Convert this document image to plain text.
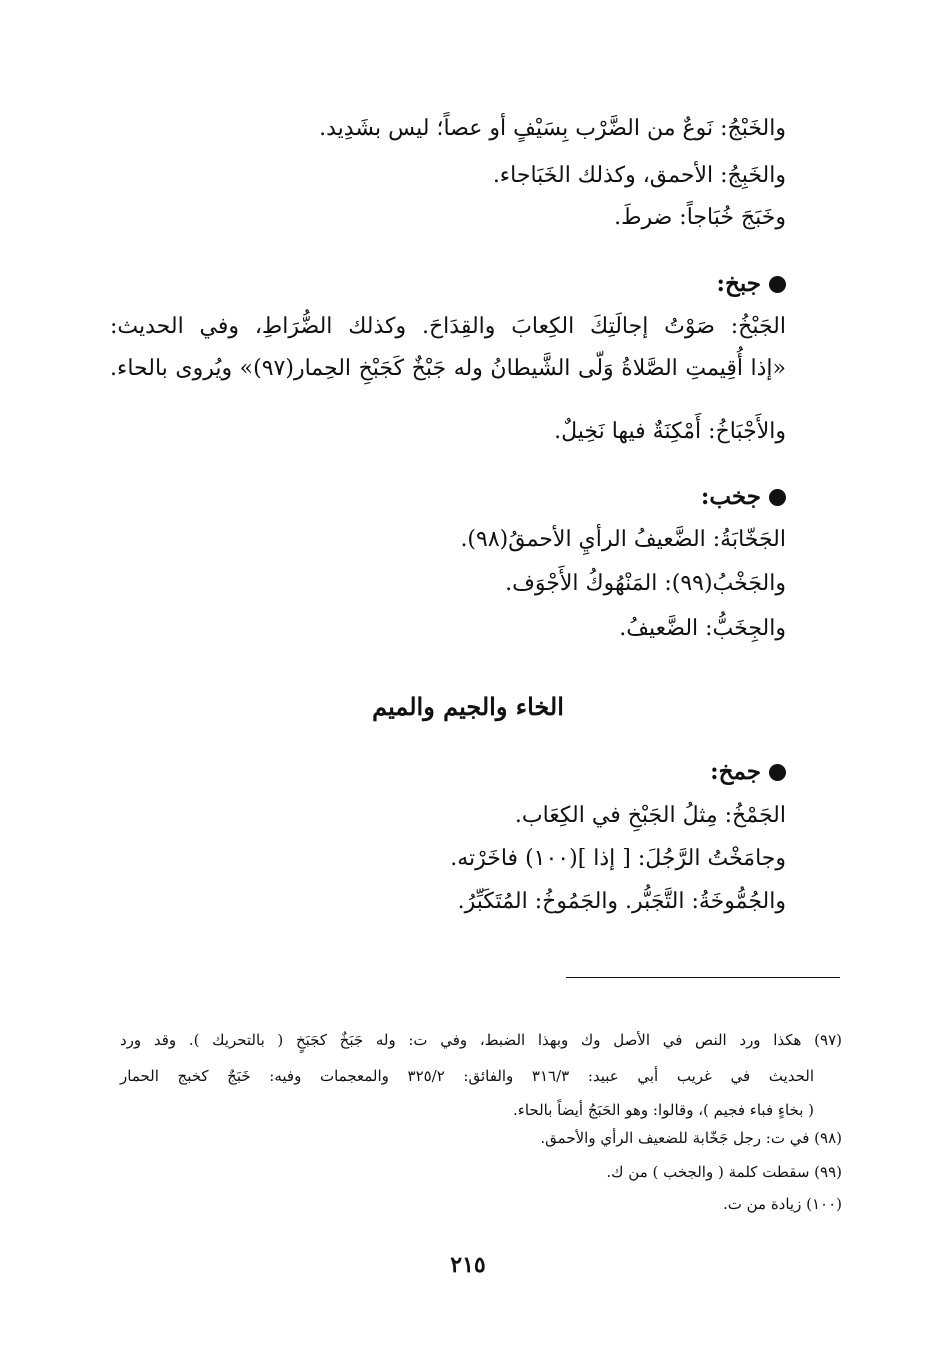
والخَبْجُ: نَوعٌ من الضَّرْب بِسَيْفٍ أو عصاً؛ ليس بشَدِيد.

والخَبِجُ: الأحمق، وكذلك الخَبَاجاء.

وخَبَجَ خُبَاجاً: ضرطَ.

جبخ:

الجَبْخُ: صَوْتُ إجالَتِكَ الكِعابَ والقِدَاحَ. وكذلك الضُّرَاطِ، وفي الحديث:

«إذا أُقِيمتِ الصَّلاةُ وَلّى الشَّيطانُ وله جَبْخٌ كَجَبْخِ الحِمار(٩٧)» ويُروى بالحاء.

والأَجْبَاخُ: أَمْكِنَةٌ فيها نَخِيلٌ.

جخب:

الجَخّابَةُ: الضَّعيفُ الرأيِ الأحمقُ(٩٨).

والجَخْبُ(٩٩): المَنْهُوكُ الأَجْوَف.

والجِخَبُّ: الضَّعيفُ.

الخاء والجيم والميم

جمخ:

الجَمْخُ: مِثلُ الجَبْخِ في الكِعَاب.

وجامَخْتُ الرَّجُلَ: [ إذا ](١٠٠) فاخَرْته.

والجُمُّوخَةُ: التَّجَبُّر. والجَمُوخُ: المُتَكَبِّرُ.

(٩٧) هكذا ورد النص في الأصل وك وبهذا الضبط، وفي ت: وله جَبَخٌ كجَبَخٍ ( بالتحريك ). وقد ورد

الحديث في غريب أبي عبيد: ٣١٦/٣ والفائق: ٣٢٥/٢ والمعجمات وفيه: خَبَجٌ كخبج الحمار

( بخاءٍ فباء فجيم )، وقالوا: وهو الحَبَجُ أيضاً بالحاء.

(٩٨) في ت: رجل جَخّابة للضعيف الرأي والأحمق.

(٩٩) سقطت كلمة ( والجخب ) من ك.

(١٠٠) زيادة من ت.

٢١٥
